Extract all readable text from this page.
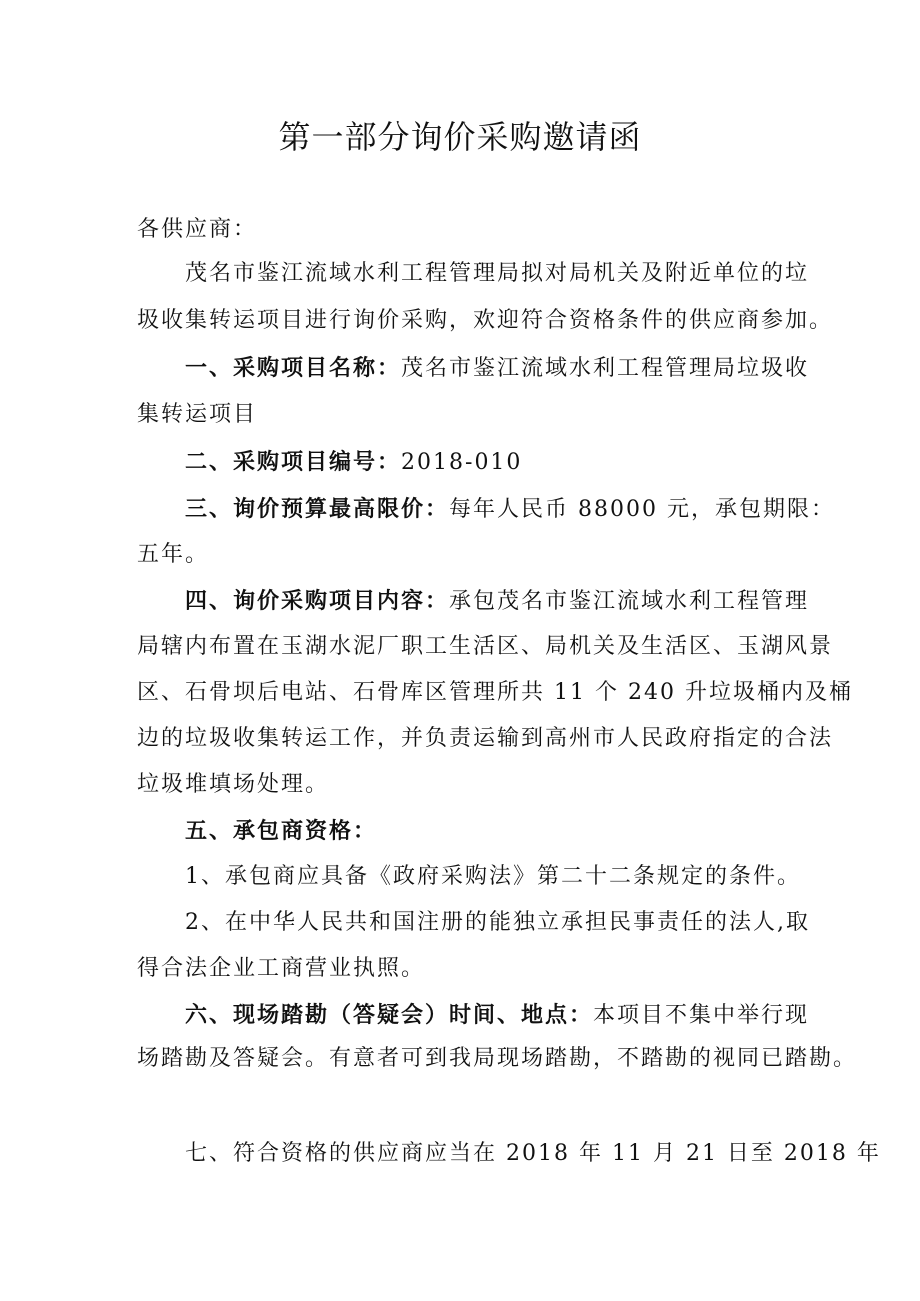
第一部分询价采购邀请函
各供应商：
茂名市鉴江流域水利工程管理局拟对局机关及附近单位的垃
圾收集转运项目进行询价采购，欢迎符合资格条件的供应商参加。
一、采购项目名称：茂名市鉴江流域水利工程管理局垃圾收
集转运项目
二、采购项目编号：2018-010
三、询价预算最高限价：每年人民币 88000 元，承包期限：
五年。
四、询价采购项目内容：承包茂名市鉴江流域水利工程管理
局辖内布置在玉湖水泥厂职工生活区、局机关及生活区、玉湖风景
区、石骨坝后电站、石骨库区管理所共 11 个 240 升垃圾桶内及桶
边的垃圾收集转运工作，并负责运输到高州市人民政府指定的合法
垃圾堆填场处理。
五、承包商资格：
1、承包商应具备《政府采购法》第二十二条规定的条件。
2、在中华人民共和国注册的能独立承担民事责任的法人,取
得合法企业工商营业执照。
六、现场踏勘（答疑会）时间、地点：本项目不集中举行现
场踏勘及答疑会。有意者可到我局现场踏勘，不踏勘的视同已踏勘。
七、符合资格的供应商应当在 2018 年 11 月 21 日至 2018 年
